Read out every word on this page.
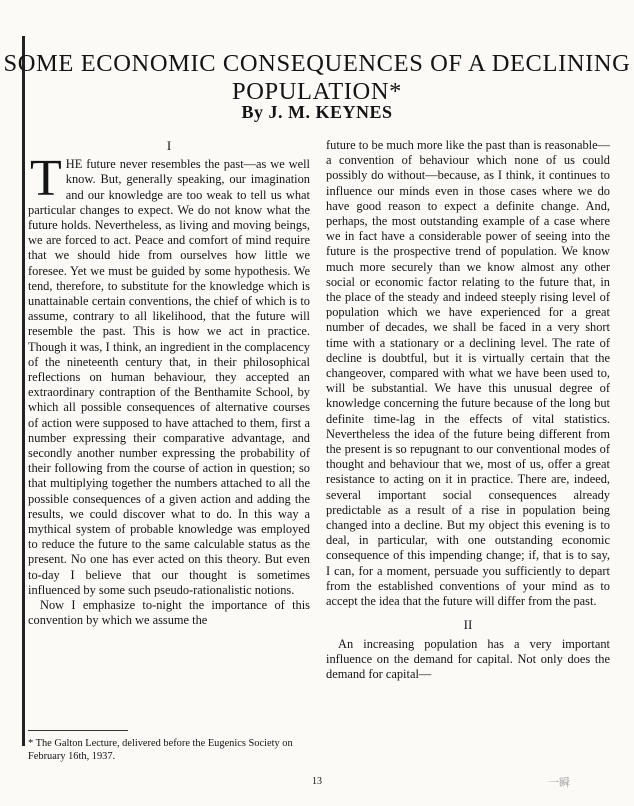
SOME ECONOMIC CONSEQUENCES OF A DECLINING POPULATION*
By J. M. KEYNES
I

THE future never resembles the past—as we well know. But, generally speaking, our imagination and our knowledge are too weak to tell us what particular changes to expect. We do not know what the future holds. Nevertheless, as living and moving beings, we are forced to act. Peace and comfort of mind require that we should hide from ourselves how little we foresee. Yet we must be guided by some hypothesis. We tend, therefore, to substitute for the knowledge which is unattainable certain conventions, the chief of which is to assume, contrary to all likelihood, that the future will resemble the past. This is how we act in practice. Though it was, I think, an ingredient in the complacency of the nineteenth century that, in their philosophical reflections on human behaviour, they accepted an extraordinary contraption of the Benthamite School, by which all possible consequences of alternative courses of action were supposed to have attached to them, first a number expressing their comparative advantage, and secondly another number expressing the probability of their following from the course of action in question; so that multiplying together the numbers attached to all the possible consequences of a given action and adding the results, we could discover what to do. In this way a mythical system of probable knowledge was employed to reduce the future to the same calculable status as the present. No one has ever acted on this theory. But even to-day I believe that our thought is sometimes influenced by some such pseudo-rationalistic notions.

Now I emphasize to-night the importance of this convention by which we assume the

future to be much more like the past than is reasonable—a convention of behaviour which none of us could possibly do without—because, as I think, it continues to influence our minds even in those cases where we do have good reason to expect a definite change. And, perhaps, the most outstanding example of a case where we in fact have a considerable power of seeing into the future is the prospective trend of population. We know much more securely than we know almost any other social or economic factor relating to the future that, in the place of the steady and indeed steeply rising level of population which we have experienced for a great number of decades, we shall be faced in a very short time with a stationary or a declining level. The rate of decline is doubtful, but it is virtually certain that the changeover, compared with what we have been used to, will be substantial. We have this unusual degree of knowledge concerning the future because of the long but definite time-lag in the effects of vital statistics. Nevertheless the idea of the future being different from the present is so repugnant to our conventional modes of thought and behaviour that we, most of us, offer a great resistance to acting on it in practice. There are, indeed, several important social consequences already predictable as a result of a rise in population being changed into a decline. But my object this evening is to deal, in particular, with one outstanding economic consequence of this impending change; if, that is to say, I can, for a moment, persuade you sufficiently to depart from the established conventions of your mind as to accept the idea that the future will differ from the past.

II

An increasing population has a very important influence on the demand for capital. Not only does the demand for capital—

* The Galton Lecture, delivered before the Eugenics Society on February 16th, 1937.
13	一瞬
